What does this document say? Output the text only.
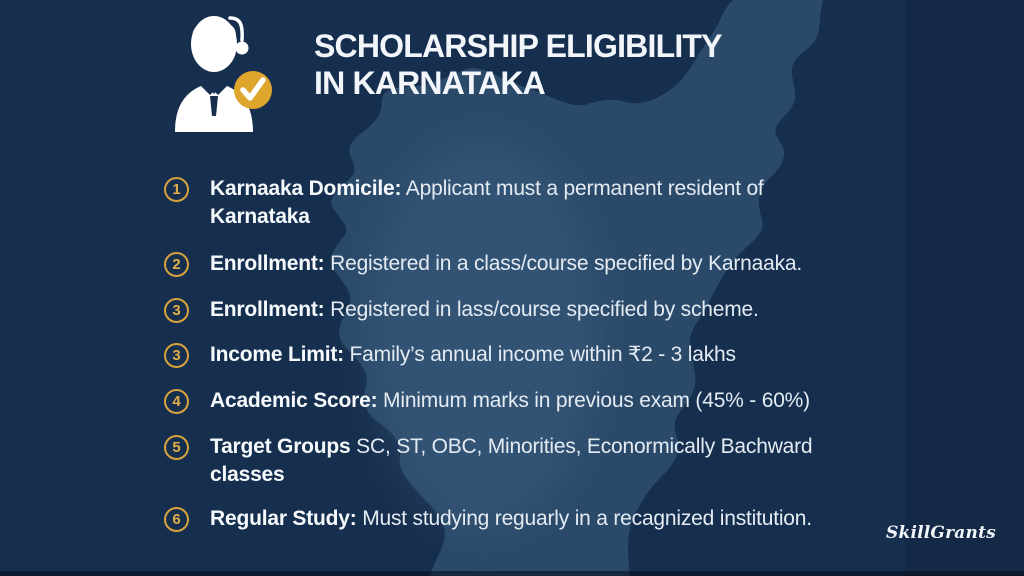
SCHOLARSHIP ELIGIBILITY
IN KARNATAKA
1	Karnaaka Domicile: Applicant must a permanent resident of
Karnataka
2	Enrollment: Registered in a class/course specified by Karnaaka.
3	Enrollment: Registered in lass/course specified by scheme.
3	Income Limit: Family’s annual income within ₹2 - 3 lakhs
4	Academic Score: Minimum marks in previous exam (45% - 60%)
5	Target Groups SC, ST, OBC, Minorities, Econormically Bachward
classes
6	Regular Study: Must studying reguarly in a recagnized institution.
SkillGrants
